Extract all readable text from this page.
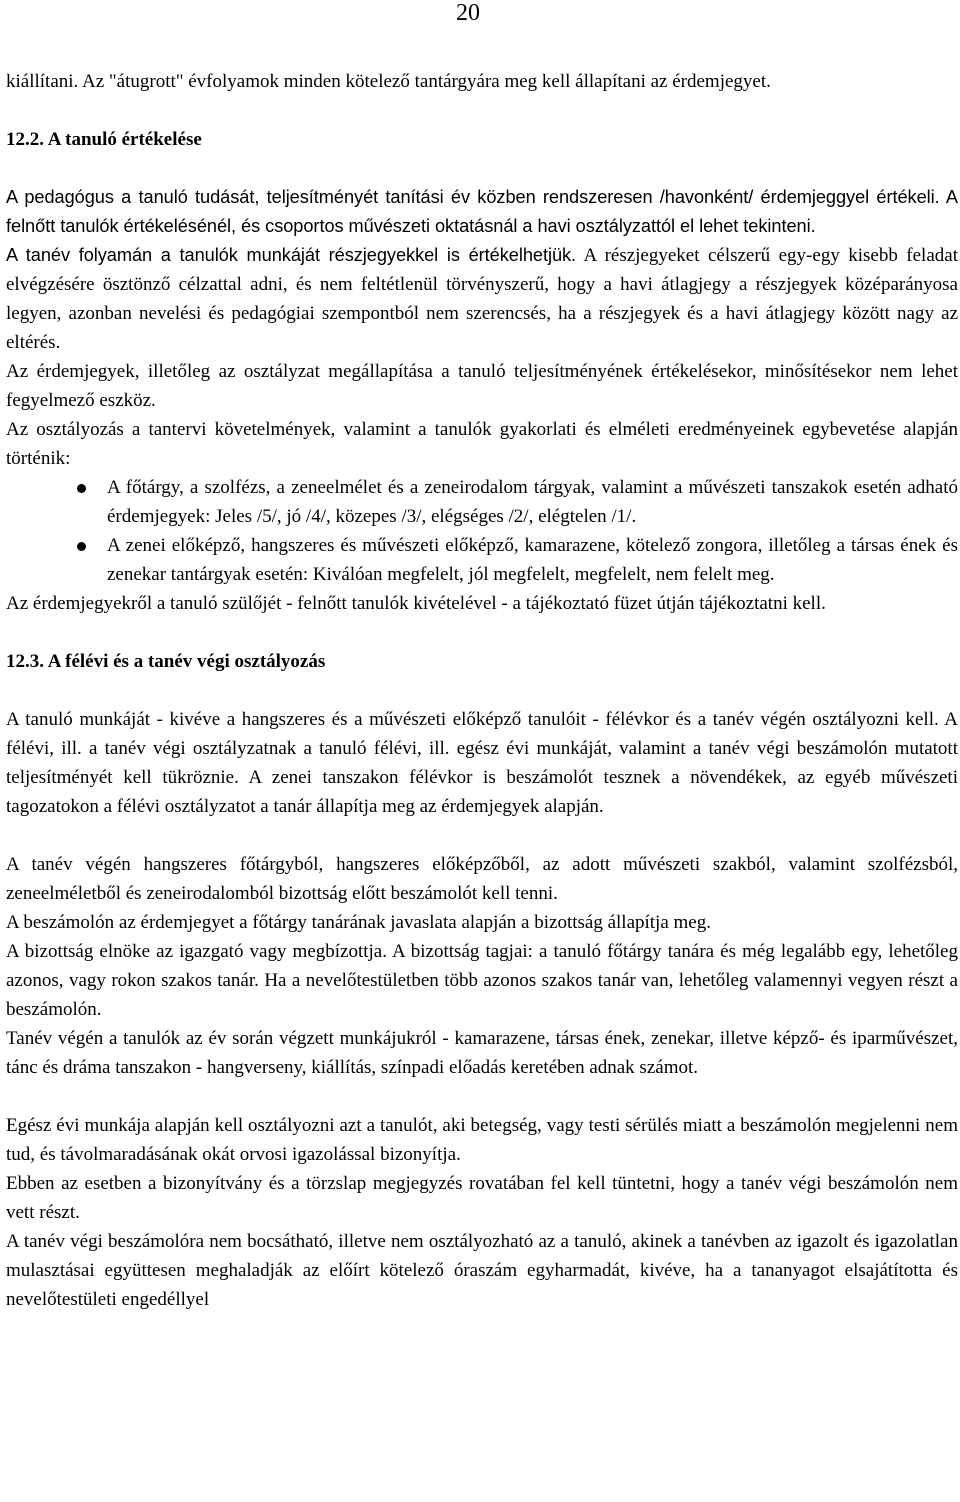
20

kiállítani. Az "átugrott" évfolyamok minden kötelező tantárgyára meg kell állapítani az érdemjegyet.

12.2. A tanuló értékelése

A pedagógus a tanuló tudását, teljesítményét tanítási év közben rendszeresen /havonként/ érdemjeggyel értékeli. A felnőtt tanulók értékelésénél, és csoportos művészeti oktatásnál a havi osztályzattól el lehet tekinteni.

A tanév folyamán a tanulók munkáját részjegyekkel is értékelhetjük. A részjegyeket célszerű egy-egy kisebb feladat elvégzésére ösztönző célzattal adni, és nem feltétlenül törvényszerű, hogy a havi átlagjegy a részjegyek középarányosa legyen, azonban nevelési és pedagógiai szempontból nem szerencsés, ha a részjegyek és a havi átlagjegy között nagy az eltérés.

Az érdemjegyek, illetőleg az osztályzat megállapítása a tanuló teljesítményének értékelésekor, minősítésekor nem lehet fegyelmező eszköz.

Az osztályozás a tantervi követelmények, valamint a tanulók gyakorlati és elméleti eredményeinek egybevetése alapján történik:

A főtárgy, a szolfézs, a zeneelmélet és a zeneirodalom tárgyak, valamint a művészeti tanszakok esetén adható érdemjegyek: Jeles /5/, jó /4/, közepes /3/, elégséges /2/, elégtelen /1/.
A zenei előképző, hangszeres és művészeti előképző, kamarazene, kötelező zongora, illetőleg a társas ének és zenekar tantárgyak esetén: Kiválóan megfelelt, jól megfelelt, megfelelt, nem felelt meg.

Az érdemjegyekről a tanuló szülőjét - felnőtt tanulók kivételével - a tájékoztató füzet útján tájékoztatni kell.

12.3. A félévi és a tanév végi osztályozás

A tanuló munkáját - kivéve a hangszeres és a művészeti előképző tanulóit - félévkor és a tanév végén osztályozni kell. A félévi, ill. a tanév végi osztályzatnak a tanuló félévi, ill. egész évi munkáját, valamint a tanév végi beszámolón mutatott teljesítményét kell tükröznie. A zenei tanszakon félévkor is beszámolót tesznek a növendékek, az egyéb művészeti tagozatokon a félévi osztályzatot a tanár állapítja meg az érdemjegyek alapján.

A tanév végén hangszeres főtárgyból, hangszeres előképzőből, az adott művészeti szakból, valamint szolfézsból, zeneelméletből és zeneirodalomból bizottság előtt beszámolót kell tenni.

A beszámolón az érdemjegyet a főtárgy tanárának javaslata alapján a bizottság állapítja meg.

A bizottság elnöke az igazgató vagy megbízottja. A bizottság tagjai: a tanuló főtárgy tanára és még legalább egy, lehetőleg azonos, vagy rokon szakos tanár. Ha a nevelőtestületben több azonos szakos tanár van, lehetőleg valamennyi vegyen részt a beszámolón.

Tanév végén a tanulók az év során végzett munkájukról - kamarazene, társas ének, zenekar, illetve képző- és iparművészet, tánc és dráma tanszakon - hangverseny, kiállítás, színpadi előadás keretében adnak számot.

Egész évi munkája alapján kell osztályozni azt a tanulót, aki betegség, vagy testi sérülés miatt a beszámolón megjelenni nem tud, és távolmaradásának okát orvosi igazolással bizonyítja.

Ebben az esetben a bizonyítvány és a törzslap megjegyzés rovatában fel kell tüntetni, hogy a tanév végi beszámolón nem vett részt.

A tanév végi beszámolóra nem bocsátható, illetve nem osztályozható az a tanuló, akinek a tanévben az igazolt és igazolatlan mulasztásai együttesen meghaladják az előírt kötelező óraszám egyharmadát, kivéve, ha a tananyagot elsajátította és nevelőtestületi engedéllyel
